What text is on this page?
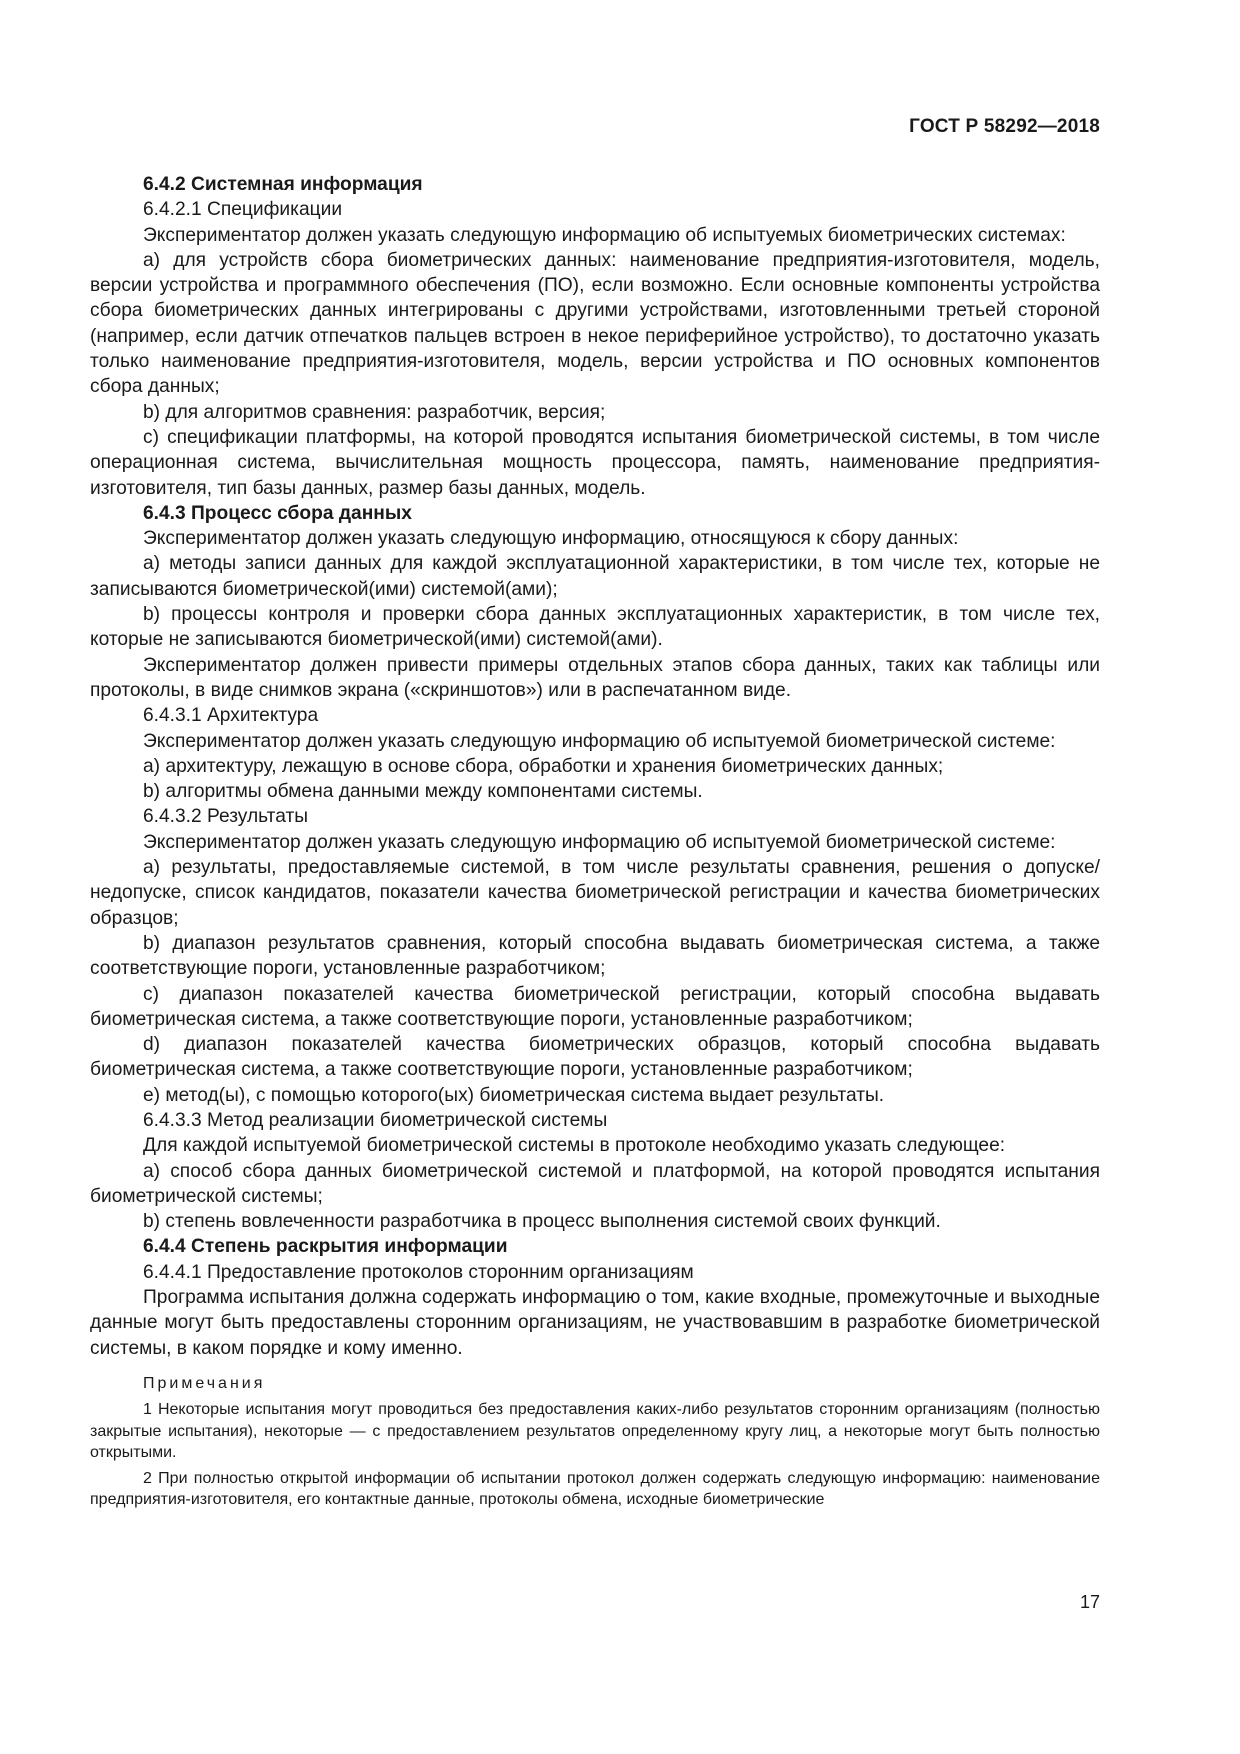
ГОСТ Р 58292—2018

6.4.2 Системная информация

6.4.2.1 Спецификации

Экспериментатор должен указать следующую информацию об испытуемых биометрических системах:

а) для устройств сбора биометрических данных: наименование предприятия-изготовителя, модель, версии устройства и программного обеспечения (ПО), если возможно. Если основные компоненты устройства сбора биометрических данных интегрированы с другими устройствами, изготовленными третьей стороной (например, если датчик отпечатков пальцев встроен в некое периферийное устройство), то достаточно указать только наименование предприятия-изготовителя, модель, версии устройства и ПО основных компонентов сбора данных;

b) для алгоритмов сравнения: разработчик, версия;

с) спецификации платформы, на которой проводятся испытания биометрической системы, в том числе операционная система, вычислительная мощность процессора, память, наименование предприятия-изготовителя, тип базы данных, размер базы данных, модель.

6.4.3 Процесс сбора данных

Экспериментатор должен указать следующую информацию, относящуюся к сбору данных:

а) методы записи данных для каждой эксплуатационной характеристики, в том числе тех, которые не записываются биометрической(ими) системой(ами);

b) процессы контроля и проверки сбора данных эксплуатационных характеристик, в том числе тех, которые не записываются биометрической(ими) системой(ами).

Экспериментатор должен привести примеры отдельных этапов сбора данных, таких как таблицы или протоколы, в виде снимков экрана («скриншотов») или в распечатанном виде.

6.4.3.1 Архитектура

Экспериментатор должен указать следующую информацию об испытуемой биометрической системе:

а) архитектуру, лежащую в основе сбора, обработки и хранения биометрических данных;

b) алгоритмы обмена данными между компонентами системы.

6.4.3.2 Результаты

Экспериментатор должен указать следующую информацию об испытуемой биометрической системе:

а) результаты, предоставляемые системой, в том числе результаты сравнения, решения о допуске/недопуске, список кандидатов, показатели качества биометрической регистрации и качества биометрических образцов;

b) диапазон результатов сравнения, который способна выдавать биометрическая система, а также соответствующие пороги, установленные разработчиком;

с) диапазон показателей качества биометрической регистрации, который способна выдавать биометрическая система, а также соответствующие пороги, установленные разработчиком;

d) диапазон показателей качества биометрических образцов, который способна выдавать биометрическая система, а также соответствующие пороги, установленные разработчиком;

е) метод(ы), с помощью которого(ых) биометрическая система выдает результаты.

6.4.3.3 Метод реализации биометрической системы

Для каждой испытуемой биометрической системы в протоколе необходимо указать следующее:

а) способ сбора данных биометрической системой и платформой, на которой проводятся испытания биометрической системы;

b) степень вовлеченности разработчика в процесс выполнения системой своих функций.

6.4.4 Степень раскрытия информации

6.4.4.1 Предоставление протоколов сторонним организациям

Программа испытания должна содержать информацию о том, какие входные, промежуточные и выходные данные могут быть предоставлены сторонним организациям, не участвовавшим в разработке биометрической системы, в каком порядке и кому именно.

Примечания

1 Некоторые испытания могут проводиться без предоставления каких-либо результатов сторонним организациям (полностью закрытые испытания), некоторые — с предоставлением результатов определенному кругу лиц, а некоторые могут быть полностью открытыми.

2 При полностью открытой информации об испытании протокол должен содержать следующую информацию: наименование предприятия-изготовителя, его контактные данные, протоколы обмена, исходные биометрические

17
